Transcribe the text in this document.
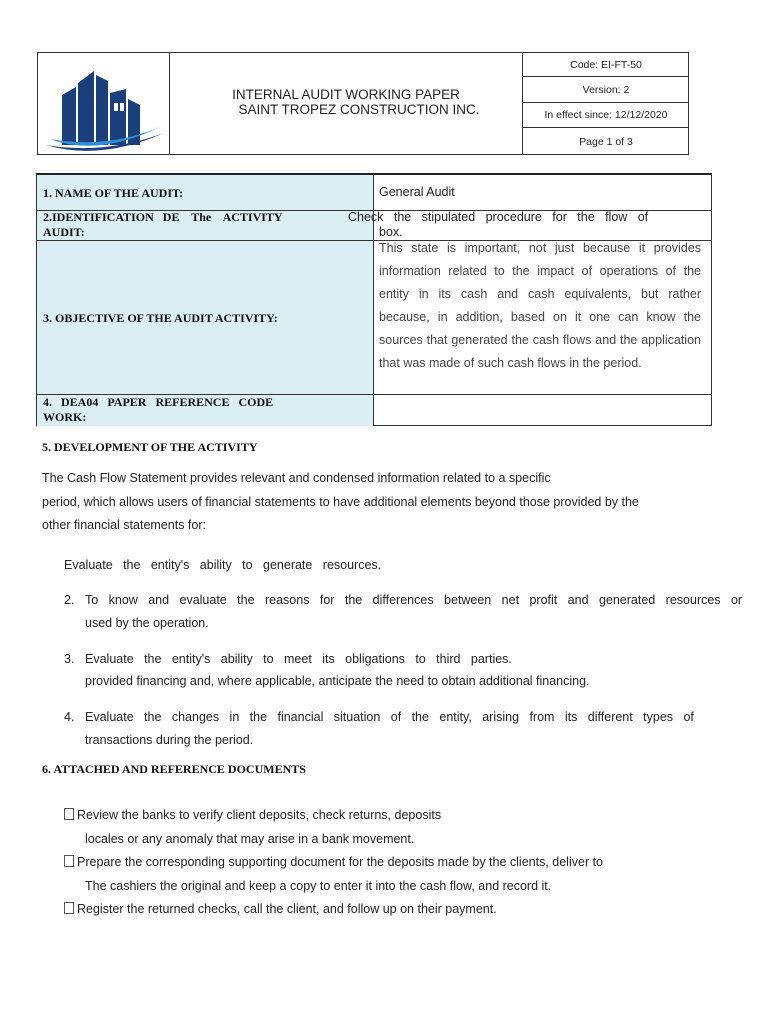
INTERNAL AUDIT WORKING PAPER
SAINT TROPEZ CONSTRUCTION INC.
Code: EI-FT-50
Version: 2
In effect since: 12/12/2020
Page 1 of 3
1. NAME OF THE AUDIT:	General Audit
2.IDENTIFICATION   DE    The    ACTIVITY
AUDIT:
Check   the   stipulated   procedure   for   the   flow   of
box.
3. OBJECTIVE OF THE AUDIT ACTIVITY:
This state is important, not just because it provides information related to the impact of operations of the entity in its cash and cash equivalents, but rather because, in addition, based on it one can know the sources that generated the cash flows and the application that was made of such cash flows in the period.
4.   DEA04   PAPER   REFERENCE   CODE
WORK:
5. DEVELOPMENT OF THE ACTIVITY
The Cash Flow Statement provides relevant and condensed information related to a specific
period, which allows users of financial statements to have additional elements beyond those provided by the
other financial statements for:
Evaluate   the   entity's   ability   to   generate   resources.
2. To   know   and   evaluate   the   reasons   for   the   differences   between   net   profit   and   generated   resources   or
used by the operation.
3. Evaluate   the   entity's   ability   to   meet   its   obligations   to   third   parties.
provided financing and, where applicable, anticipate the need to obtain additional financing.
4. Evaluate   the   changes   in   the   financial   situation   of   the   entity,   arising   from   its   different   types   of
transactions during the period.
6. ATTACHED AND REFERENCE DOCUMENTS
Review the banks to verify client deposits, check returns, deposits
locales or any anomaly that may arise in a bank movement.
Prepare the corresponding supporting document for the deposits made by the clients, deliver to
The cashiers the original and keep a copy to enter it into the cash flow, and record it.
Register the returned checks, call the client, and follow up on their payment.
